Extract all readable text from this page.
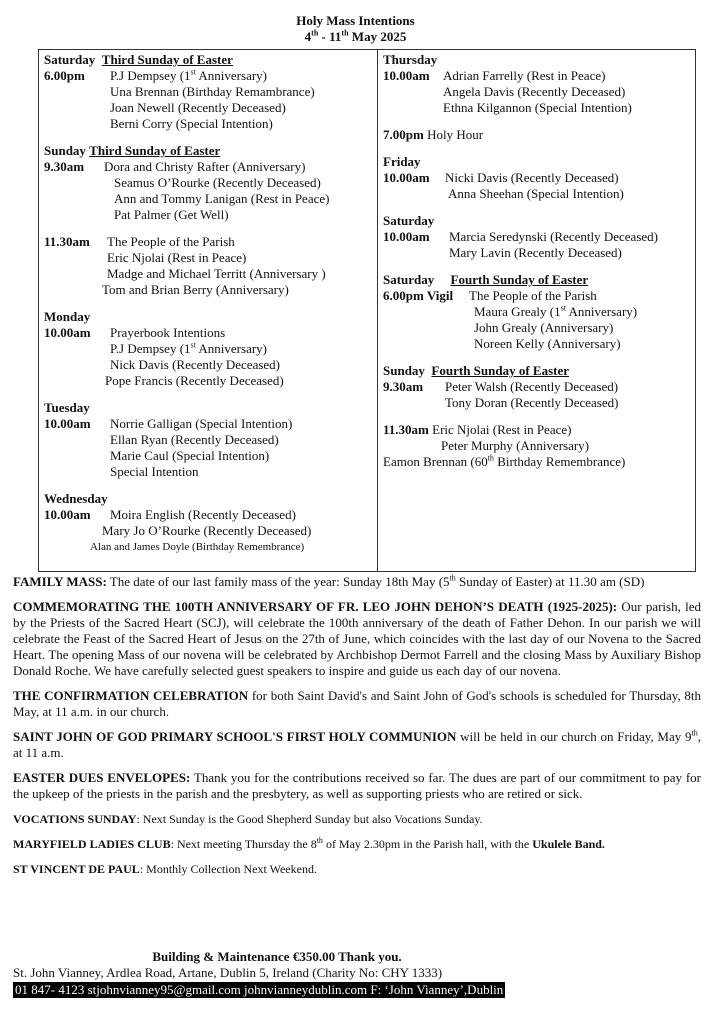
Holy Mass Intentions
4th - 11th May 2025
Saturday Third Sunday of Easter
6.00pm	P.J Dempsey (1st Anniversary)
Una Brennan (Birthday Remambrance)
Joan Newell (Recently Deceased)
Berni Corry (Special Intention)
Sunday Third Sunday of Easter
9.30am	Dora and Christy Rafter (Anniversary)
Seamus O’Rourke (Recently Deceased)
Ann and Tommy Lanigan (Rest in Peace)
Pat Palmer (Get Well)
11.30am	The People of the Parish
Eric Njolai (Rest in Peace)
Madge and Michael Territt (Anniversary )
Tom and Brian Berry (Anniversary)
Monday
10.00am	Prayerbook Intentions
P.J Dempsey (1st Anniversary)
Nick Davis (Recently Deceased)
Pope Francis (Recently Deceased)
Tuesday
10.00am	Norrie Galligan (Special Intention)
Ellan Ryan (Recently Deceased)
Marie Caul (Special Intention)
Special Intention
Wednesday
10.00am	Moira English (Recently Deceased)
Mary Jo O’Rourke (Recently Deceased)
Alan and James Doyle (Birthday Remembrance)
Thursday
10.00am	Adrian Farrelly (Rest in Peace)
Angela Davis (Recently Deceased)
Ethna Kilgannon (Special Intention)
7.00pm Holy Hour
Friday
10.00am	Nicki Davis (Recently Deceased)
Anna Sheehan (Special Intention)
Saturday
10.00am	Marcia Seredynski (Recently Deceased)
Mary Lavin (Recently Deceased)
Saturday Fourth Sunday of Easter
6.00pm Vigil	The People of the Parish
Maura Grealy (1st Anniversary)
John Grealy (Anniversary)
Noreen Kelly (Anniversary)
Sunday Fourth Sunday of Easter
9.30am	Peter Walsh (Recently Deceased)
Tony Doran (Recently Deceased)
11.30am Eric Njolai (Rest in Peace)
Peter Murphy (Anniversary)
Eamon Brennan (60th Birthday Remembrance)

FAMILY MASS: The date of our last family mass of the year: Sunday 18th May (5th Sunday of Easter) at 11.30 am (SD)

COMMEMORATING THE 100TH ANNIVERSARY OF FR. LEO JOHN DEHON’S DEATH (1925-2025): Our parish, led by the Priests of the Sacred Heart (SCJ), will celebrate the 100th anniversary of the death of Father Dehon. In our parish we will celebrate the Feast of the Sacred Heart of Jesus on the 27th of June, which coincides with the last day of our Novena to the Sacred Heart. The opening Mass of our novena will be celebrated by Archbishop Dermot Farrell and the closing Mass by Auxiliary Bishop Donald Roche. We have carefully selected guest speakers to inspire and guide us each day of our novena.

THE CONFIRMATION CELEBRATION for both Saint David's and Saint John of God's schools is scheduled for Thursday, 8th May, at 11 a.m. in our church.

SAINT JOHN OF GOD PRIMARY SCHOOL'S FIRST HOLY COMMUNION will be held in our church on Friday, May 9th, at 11 a.m.

EASTER DUES ENVELOPES: Thank you for the contributions received so far. The dues are part of our commitment to pay for the upkeep of the priests in the parish and the presbytery, as well as supporting priests who are retired or sick.

VOCATIONS SUNDAY: Next Sunday is the Good Shepherd Sunday but also Vocations Sunday.

MARYFIELD LADIES CLUB: Next meeting Thursday the 8th of May 2.30pm in the Parish hall, with the Ukulele Band.

ST VINCENT DE PAUL: Monthly Collection Next Weekend.

Building & Maintenance €350.00 Thank you.
St. John Vianney, Ardlea Road, Artane, Dublin 5, Ireland (Charity No: CHY 1333)
01 847- 4123 stjohnvianney95@gmail.com johnvianneydublin.com F: ‘John Vianney’,Dublin
